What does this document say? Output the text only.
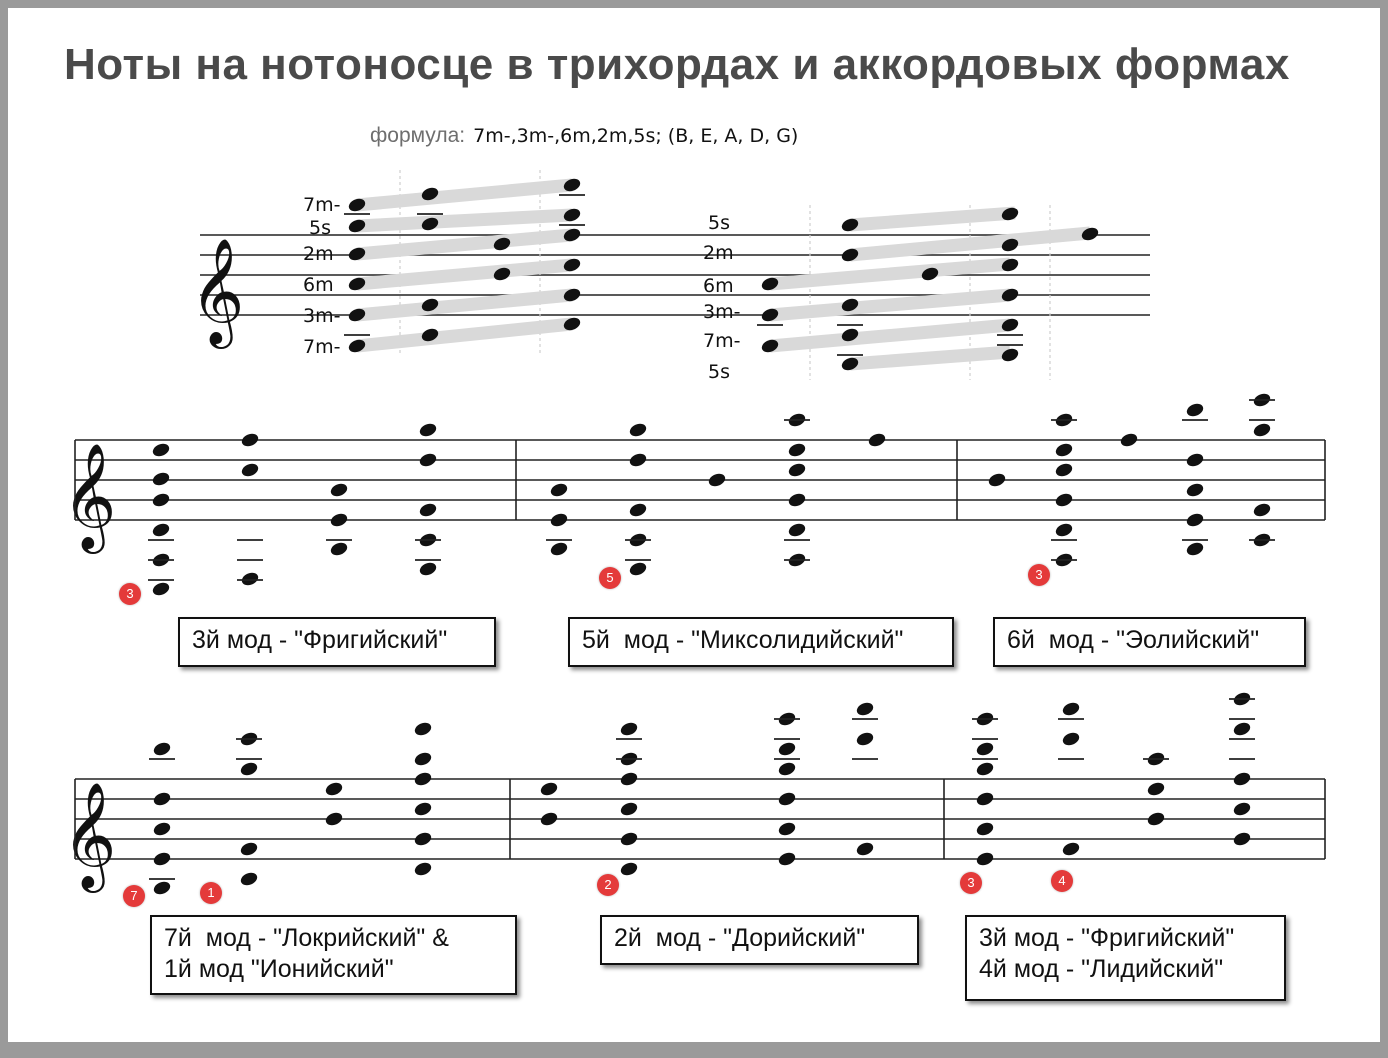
Ноты на нотоносце в трихордах и аккордовых формах
формула: 7m-,3m-,6m,2m,5s; (B, E, A, D, G)
𝄞
𝄞
𝄞
7m-
5s
2m
6m
3m-
7m-
5s
2m
6m
3m-
7m-
5s
3й мод - "Фригийский"	5й  мод - "Миксолидийский"	6й  мод - "Эолийский"
7й  мод - "Локрийский" &
1й мод "Ионийский"
2й  мод - "Дорийский"	3й мод - "Фригийский"
4й мод - "Лидийский"
3
5	3
7	1
2	3	4
